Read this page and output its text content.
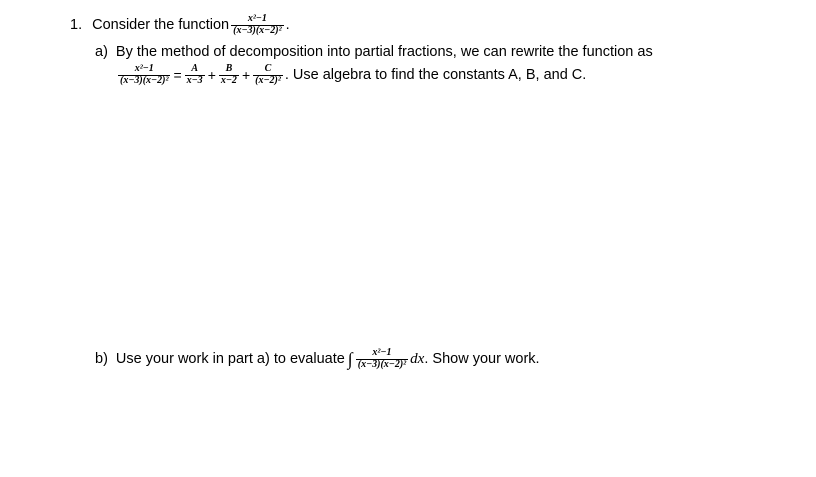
1. Consider the function $\frac{\text{x²−1}}{\text{(x−3)(x−2)²}}$ .
a) By the method of decomposition into partial fractions, we can rewrite the function as
$\frac{\text{x²−1}}{\text{(x−3)(x−2)²}} = \frac{A}{x-3} + \frac{B}{x-2} + \frac{C}{\text{(x−2)²}}$ . Use algebra to find the constants A, B, and C.
b) Use your work in part a) to evaluate ∫ $\frac{\text{x²−1}}{\text{(x−3)(x−2)²}}$ dx . Show your work.
